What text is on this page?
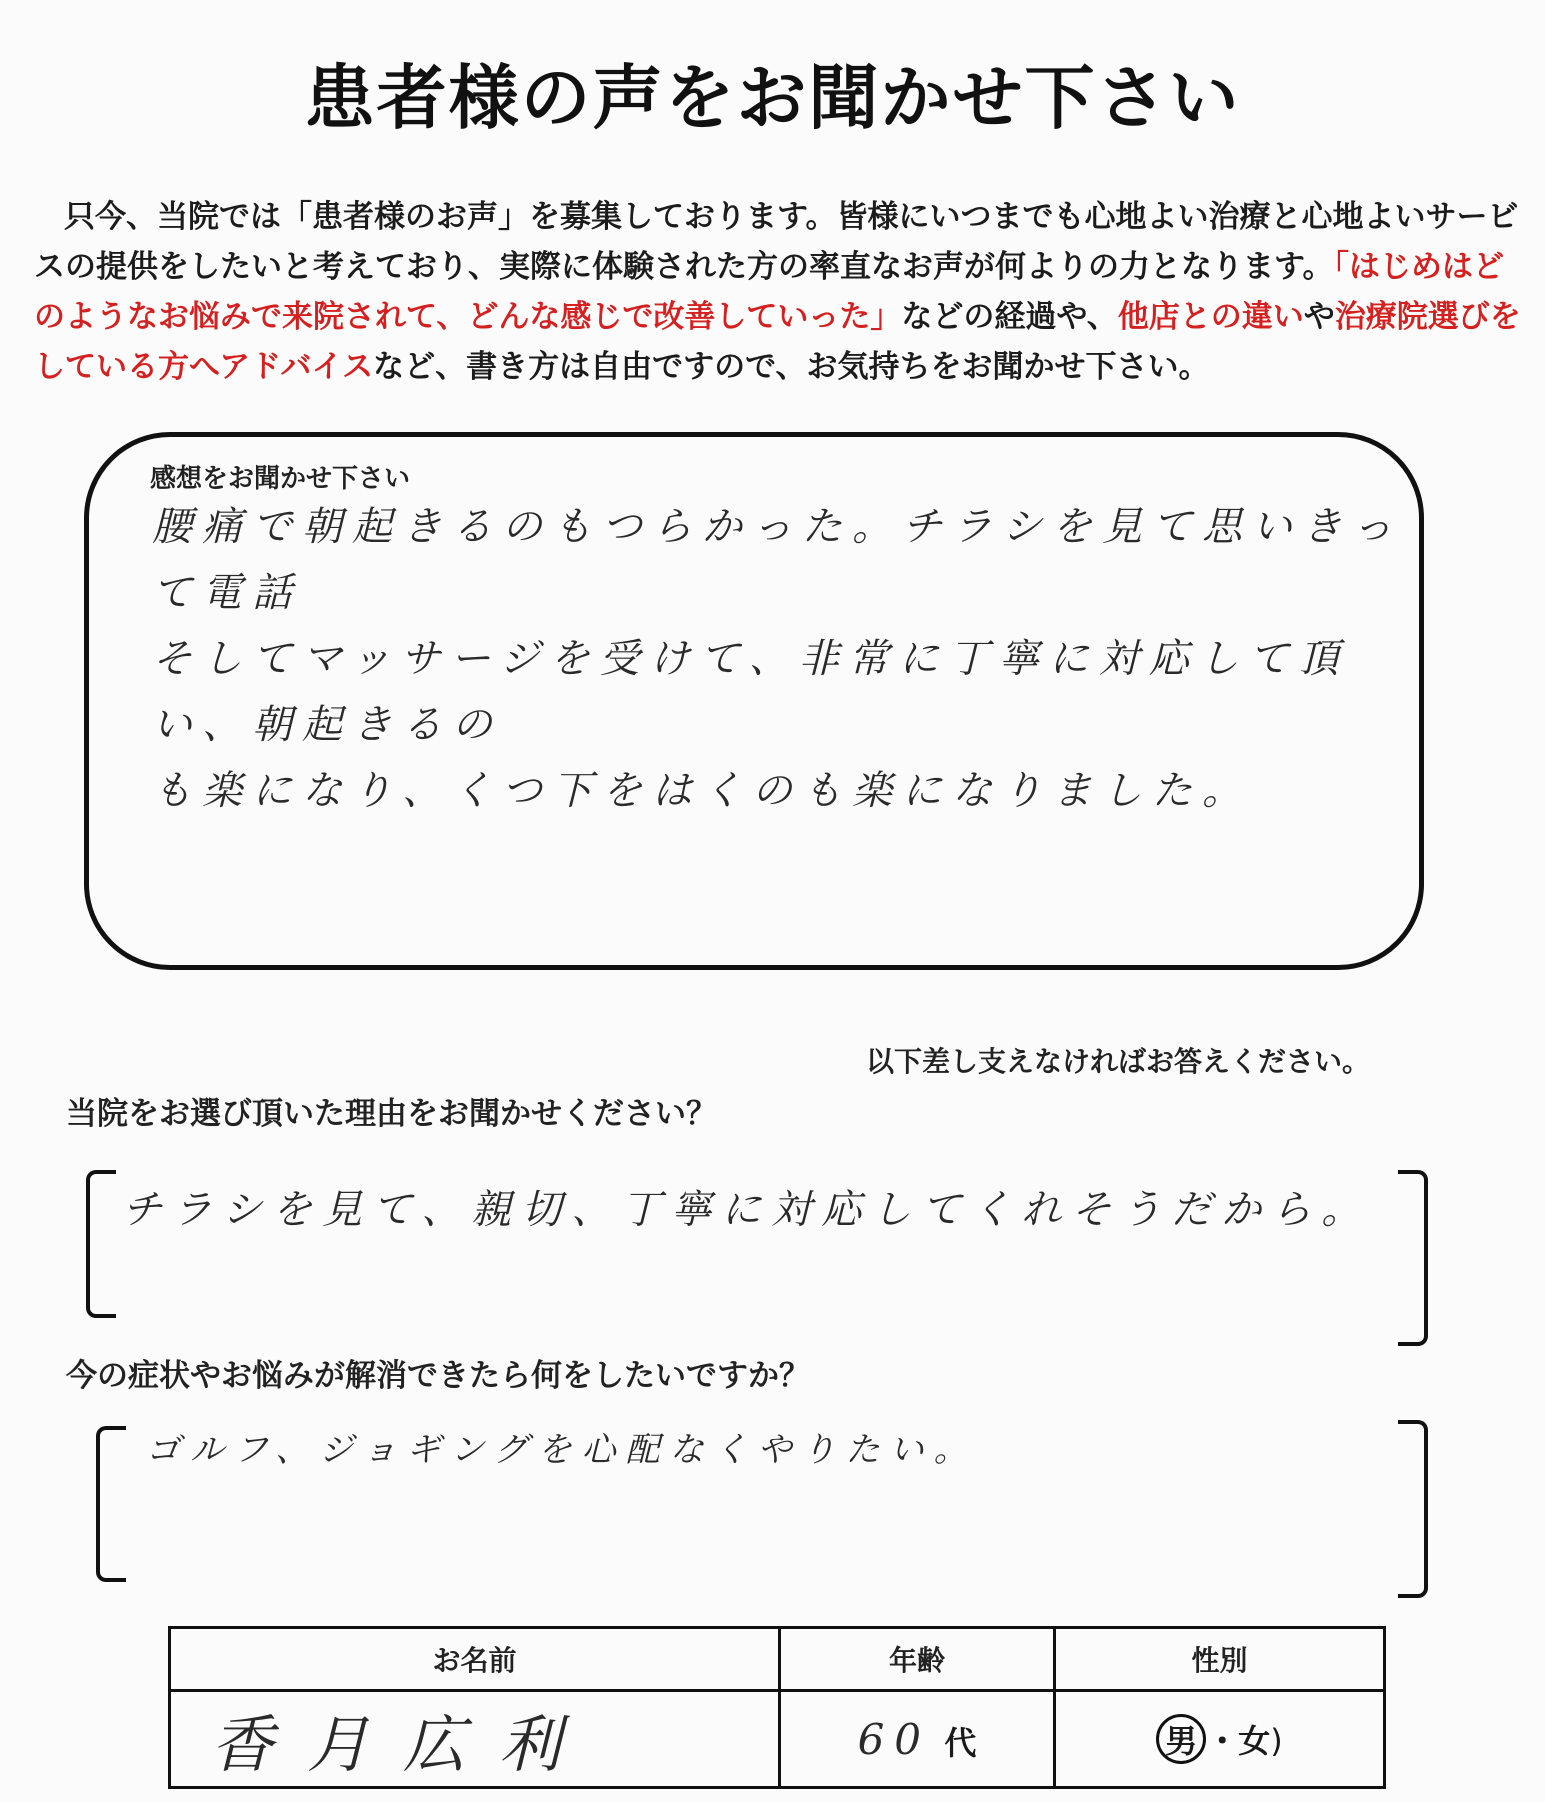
患者様の声をお聞かせ下さい
只今、当院では「患者様のお声」を募集しております。皆様にいつまでも心地よい治療と心地よいサービスの提供をしたいと考えており、実際に体験された方の率直なお声が何よりの力となります。「はじめはどのようなお悩みで来院されて、どんな感じで改善していった」などの経過や、他店との違いや治療院選びをしている方へアドバイスなど、書き方は自由ですので、お気持ちをお聞かせ下さい。
感想をお聞かせ下さい
腰痛で朝起きるのもつらかった。チラシを見て思いきって電話
そしてマッサージを受けて、非常に丁寧に対応して頂い、朝起きるの
も楽になり、くつ下をはくのも楽になりました。
以下差し支えなければお答えください。
当院をお選び頂いた理由をお聞かせください？
チラシを見て、親切、丁寧に対応してくれそうだから。
今の症状やお悩みが解消できたら何をしたいですか？
ゴルフ、ジョギングを心配なくやりたい。
お名前	年齢	性別
香月広利	60 代	男 ・女)
